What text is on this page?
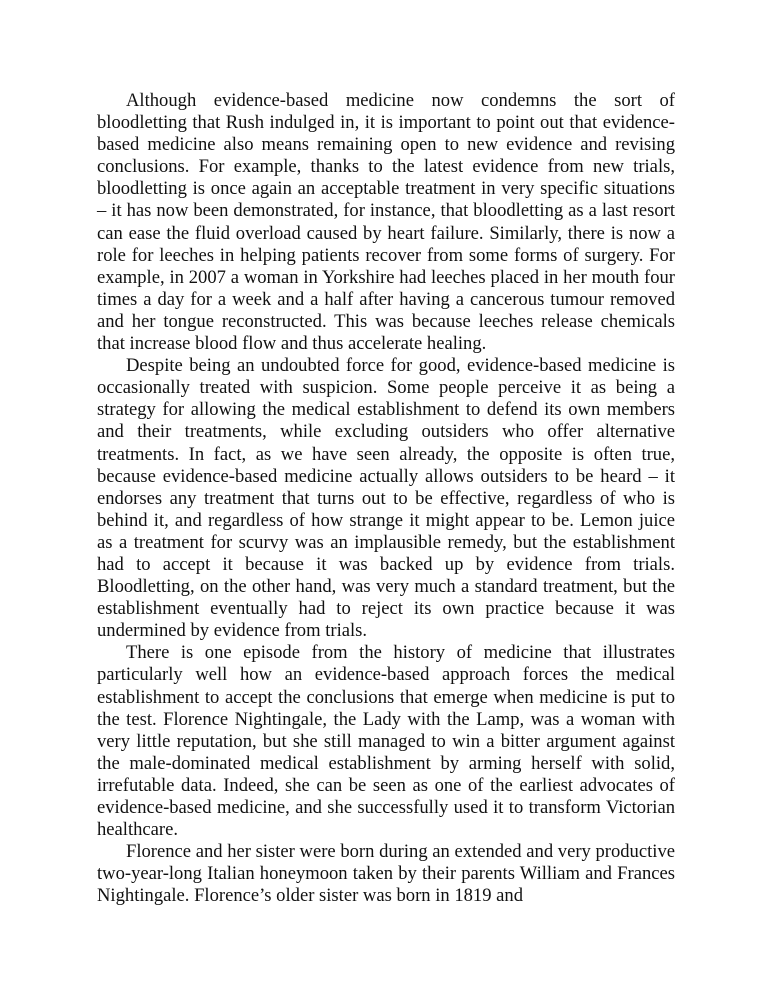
Although evidence-based medicine now condemns the sort of bloodletting that Rush indulged in, it is important to point out that evidence-based medicine also means remaining open to new evidence and revising conclusions. For example, thanks to the latest evidence from new trials, bloodletting is once again an acceptable treatment in very specific situations – it has now been demonstrated, for instance, that bloodletting as a last resort can ease the fluid overload caused by heart failure. Similarly, there is now a role for leeches in helping patients recover from some forms of surgery. For example, in 2007 a woman in Yorkshire had leeches placed in her mouth four times a day for a week and a half after having a cancerous tumour removed and her tongue reconstructed. This was because leeches release chemicals that increase blood flow and thus accelerate healing.

Despite being an undoubted force for good, evidence-based medicine is occasionally treated with suspicion. Some people perceive it as being a strategy for allowing the medical establishment to defend its own members and their treatments, while excluding outsiders who offer alternative treatments. In fact, as we have seen already, the opposite is often true, because evidence-based medicine actually allows outsiders to be heard – it endorses any treatment that turns out to be effective, regardless of who is behind it, and regardless of how strange it might appear to be. Lemon juice as a treatment for scurvy was an implausible remedy, but the establishment had to accept it because it was backed up by evidence from trials. Bloodletting, on the other hand, was very much a standard treatment, but the establishment eventually had to reject its own practice because it was undermined by evidence from trials.

There is one episode from the history of medicine that illustrates particularly well how an evidence-based approach forces the medical establishment to accept the conclusions that emerge when medicine is put to the test. Florence Nightingale, the Lady with the Lamp, was a woman with very little reputation, but she still managed to win a bitter argument against the male-dominated medical establishment by arming herself with solid, irrefutable data. Indeed, she can be seen as one of the earliest advocates of evidence-based medicine, and she successfully used it to transform Victorian healthcare.

Florence and her sister were born during an extended and very productive two-year-long Italian honeymoon taken by their parents William and Frances Nightingale. Florence’s older sister was born in 1819 and
